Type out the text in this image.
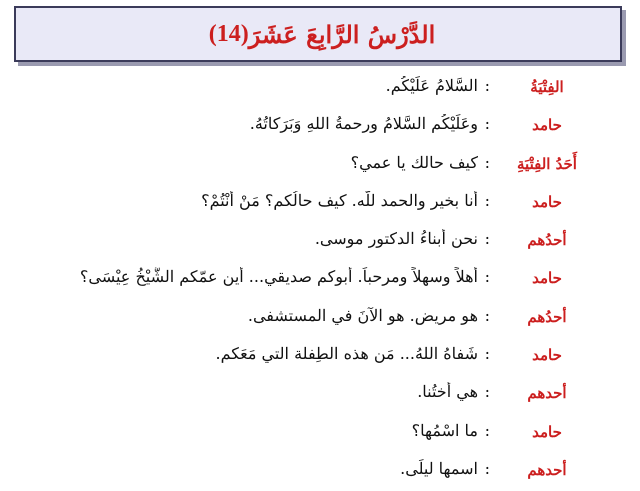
الدَّرْسُ الرَّابِعَ عَشَرَ
(14)
الفِتْيَةُ
:
السَّلامُ عَلَيْكُم.
حامد
:
وعَلَيْكُم السَّلامُ ورحمةُ اللهِ وَبَرَكاتُهُ.
أَحَدُ الفِتْيَةِ
:
كيف حالك يا عمي؟
حامد
:
أنا بخير والحمد للّه. كيف حالُكم؟ مَنْ أنْتُمْ؟
أحدُهم
:
نحن أبناءُ الدكتورِ موسى.
حامد
:
أهلاً وسهلاً ومرحباً. أبوكم صديقي... أين عمّكم الشَّيْخُ عِيْسَى؟
أحدُهم
:
هو مريض. هو الآنَ في المستشفى.
حامد
:
شَفاهُ اللهُ... مَن هذه الطِفلة التي مَعَكم.
أحدهم
:
هي أختُنا.
حامد
:
ما اسْمُها؟
أحدهم
:
اسمها ليلَى.
